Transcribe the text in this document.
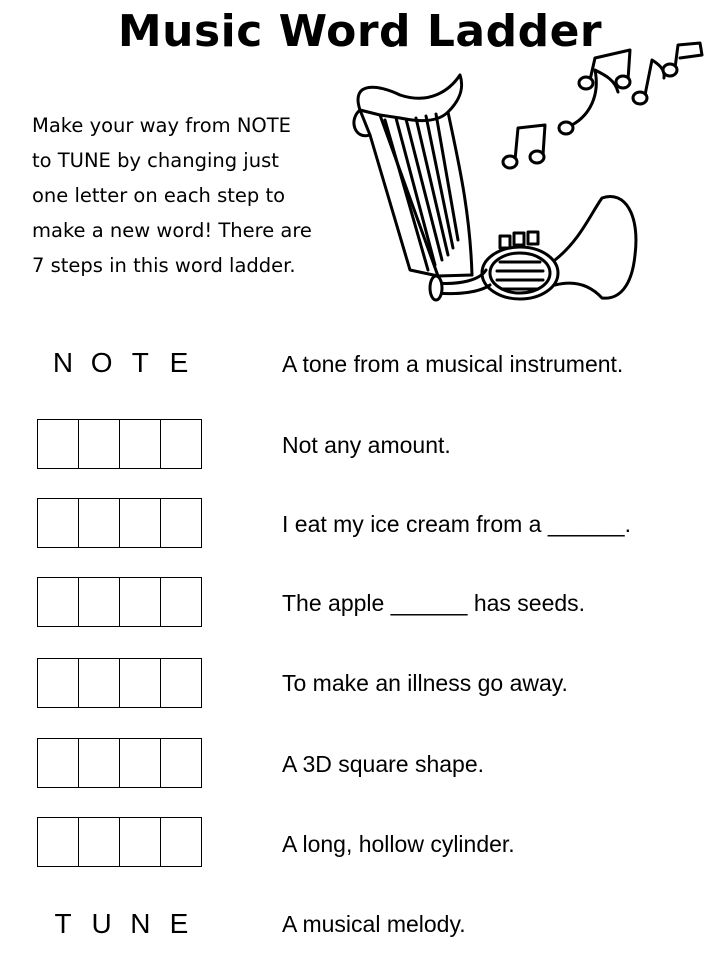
Music Word Ladder
Make your way from NOTE
to TUNE by changing just
one letter on each step to
make a new word! There are
7 steps in this word ladder.
N O T E	A tone from a musical instrument.
Not any amount.
I eat my ice cream from a ______.
The apple ______ has seeds.
To make an illness go away.
A 3D square shape.
A long, hollow cylinder.
T U N E	A musical melody.
